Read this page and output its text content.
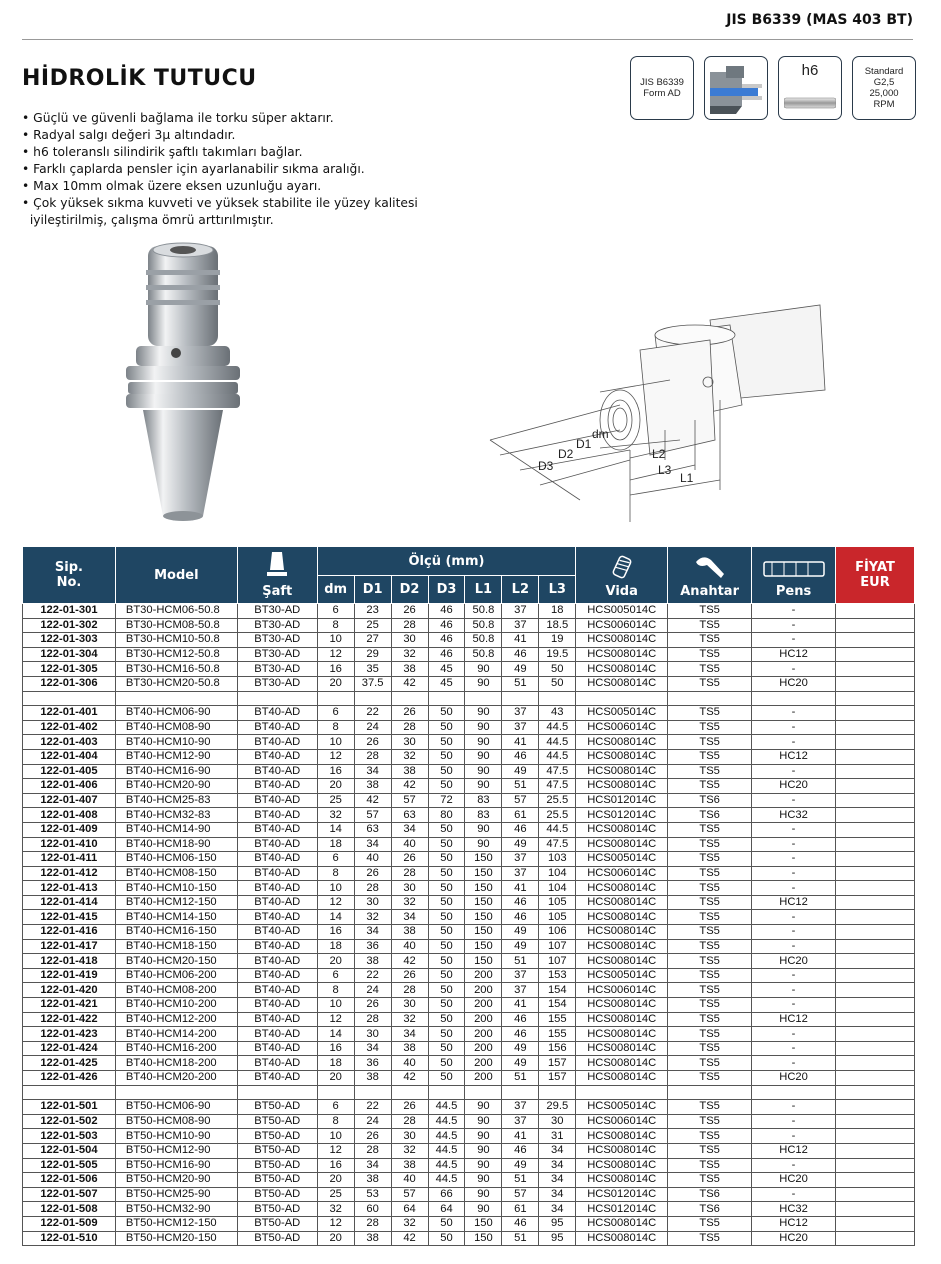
JIS B6339 (MAS 403 BT)
HİDROLİK TUTUCU
• Güçlü ve güvenli bağlama ile torku süper aktarır.
• Radyal salgı değeri 3μ altındadır.
• h6 toleranslı silindirik şaftlı takımları bağlar.
• Farklı çaplarda pensler için ayarlanabilir sıkma aralığı.
• Max 10mm olmak üzere eksen uzunluğu ayarı.
• Çok yüksek sıkma kuvveti ve yüksek stabilite ile yüzey kalitesi
iyileştirilmiş, çalışma ömrü arttırılmıştır.
JIS B6339
Form AD
h6	Standard
G2,5
25,000
RPM
dm
D1
D2
D3
L2
L3
L1
Sip.
No.	Model	Şaft	Ölçü (mm)							Vida	Anahtar	Pens	FİYAT
EUR
			dm	D1	D2	D3	L1	L2	L3				
122-01-301	BT30-HCM06-50.8	BT30-AD	6	23	26	46	50.8	37	18	HCS005014C	TS5	-	
122-01-302	BT30-HCM08-50.8	BT30-AD	8	25	28	46	50.8	37	18.5	HCS006014C	TS5	-	
122-01-303	BT30-HCM10-50.8	BT30-AD	10	27	30	46	50.8	41	19	HCS008014C	TS5	-	
122-01-304	BT30-HCM12-50.8	BT30-AD	12	29	32	46	50.8	46	19.5	HCS008014C	TS5	HC12	
122-01-305	BT30-HCM16-50.8	BT30-AD	16	35	38	45	90	49	50	HCS008014C	TS5	-	
122-01-306	BT30-HCM20-50.8	BT30-AD	20	37.5	42	45	90	51	50	HCS008014C	TS5	HC20	

122-01-401	BT40-HCM06-90	BT40-AD	6	22	26	50	90	37	43	HCS005014C	TS5	-	
122-01-402	BT40-HCM08-90	BT40-AD	8	24	28	50	90	37	44.5	HCS006014C	TS5	-	
122-01-403	BT40-HCM10-90	BT40-AD	10	26	30	50	90	41	44.5	HCS008014C	TS5	-	
122-01-404	BT40-HCM12-90	BT40-AD	12	28	32	50	90	46	44.5	HCS008014C	TS5	HC12	
122-01-405	BT40-HCM16-90	BT40-AD	16	34	38	50	90	49	47.5	HCS008014C	TS5	-	
122-01-406	BT40-HCM20-90	BT40-AD	20	38	42	50	90	51	47.5	HCS008014C	TS5	HC20	
122-01-407	BT40-HCM25-83	BT40-AD	25	42	57	72	83	57	25.5	HCS012014C	TS6	-	
122-01-408	BT40-HCM32-83	BT40-AD	32	57	63	80	83	61	25.5	HCS012014C	TS6	HC32	
122-01-409	BT40-HCM14-90	BT40-AD	14	63	34	50	90	46	44.5	HCS008014C	TS5	-	
122-01-410	BT40-HCM18-90	BT40-AD	18	34	40	50	90	49	47.5	HCS008014C	TS5	-	
122-01-411	BT40-HCM06-150	BT40-AD	6	40	26	50	150	37	103	HCS005014C	TS5	-	
122-01-412	BT40-HCM08-150	BT40-AD	8	26	28	50	150	37	104	HCS006014C	TS5	-	
122-01-413	BT40-HCM10-150	BT40-AD	10	28	30	50	150	41	104	HCS008014C	TS5	-	
122-01-414	BT40-HCM12-150	BT40-AD	12	30	32	50	150	46	105	HCS008014C	TS5	HC12	
122-01-415	BT40-HCM14-150	BT40-AD	14	32	34	50	150	46	105	HCS008014C	TS5	-	
122-01-416	BT40-HCM16-150	BT40-AD	16	34	38	50	150	49	106	HCS008014C	TS5	-	
122-01-417	BT40-HCM18-150	BT40-AD	18	36	40	50	150	49	107	HCS008014C	TS5	-	
122-01-418	BT40-HCM20-150	BT40-AD	20	38	42	50	150	51	107	HCS008014C	TS5	HC20	
122-01-419	BT40-HCM06-200	BT40-AD	6	22	26	50	200	37	153	HCS005014C	TS5	-	
122-01-420	BT40-HCM08-200	BT40-AD	8	24	28	50	200	37	154	HCS006014C	TS5	-	
122-01-421	BT40-HCM10-200	BT40-AD	10	26	30	50	200	41	154	HCS008014C	TS5	-	
122-01-422	BT40-HCM12-200	BT40-AD	12	28	32	50	200	46	155	HCS008014C	TS5	HC12	
122-01-423	BT40-HCM14-200	BT40-AD	14	30	34	50	200	46	155	HCS008014C	TS5	-	
122-01-424	BT40-HCM16-200	BT40-AD	16	34	38	50	200	49	156	HCS008014C	TS5	-	
122-01-425	BT40-HCM18-200	BT40-AD	18	36	40	50	200	49	157	HCS008014C	TS5	-	
122-01-426	BT40-HCM20-200	BT40-AD	20	38	42	50	200	51	157	HCS008014C	TS5	HC20	

122-01-501	BT50-HCM06-90	BT50-AD	6	22	26	44.5	90	37	29.5	HCS005014C	TS5	-	
122-01-502	BT50-HCM08-90	BT50-AD	8	24	28	44.5	90	37	30	HCS006014C	TS5	-	
122-01-503	BT50-HCM10-90	BT50-AD	10	26	30	44.5	90	41	31	HCS008014C	TS5	-	
122-01-504	BT50-HCM12-90	BT50-AD	12	28	32	44.5	90	46	34	HCS008014C	TS5	HC12	
122-01-505	BT50-HCM16-90	BT50-AD	16	34	38	44.5	90	49	34	HCS008014C	TS5	-	
122-01-506	BT50-HCM20-90	BT50-AD	20	38	40	44.5	90	51	34	HCS008014C	TS5	HC20	
122-01-507	BT50-HCM25-90	BT50-AD	25	53	57	66	90	57	34	HCS012014C	TS6	-	
122-01-508	BT50-HCM32-90	BT50-AD	32	60	64	64	90	61	34	HCS012014C	TS6	HC32	
122-01-509	BT50-HCM12-150	BT50-AD	12	28	32	50	150	46	95	HCS008014C	TS5	HC12	
122-01-510	BT50-HCM20-150	BT50-AD	20	38	42	50	150	51	95	HCS008014C	TS5	HC20	
